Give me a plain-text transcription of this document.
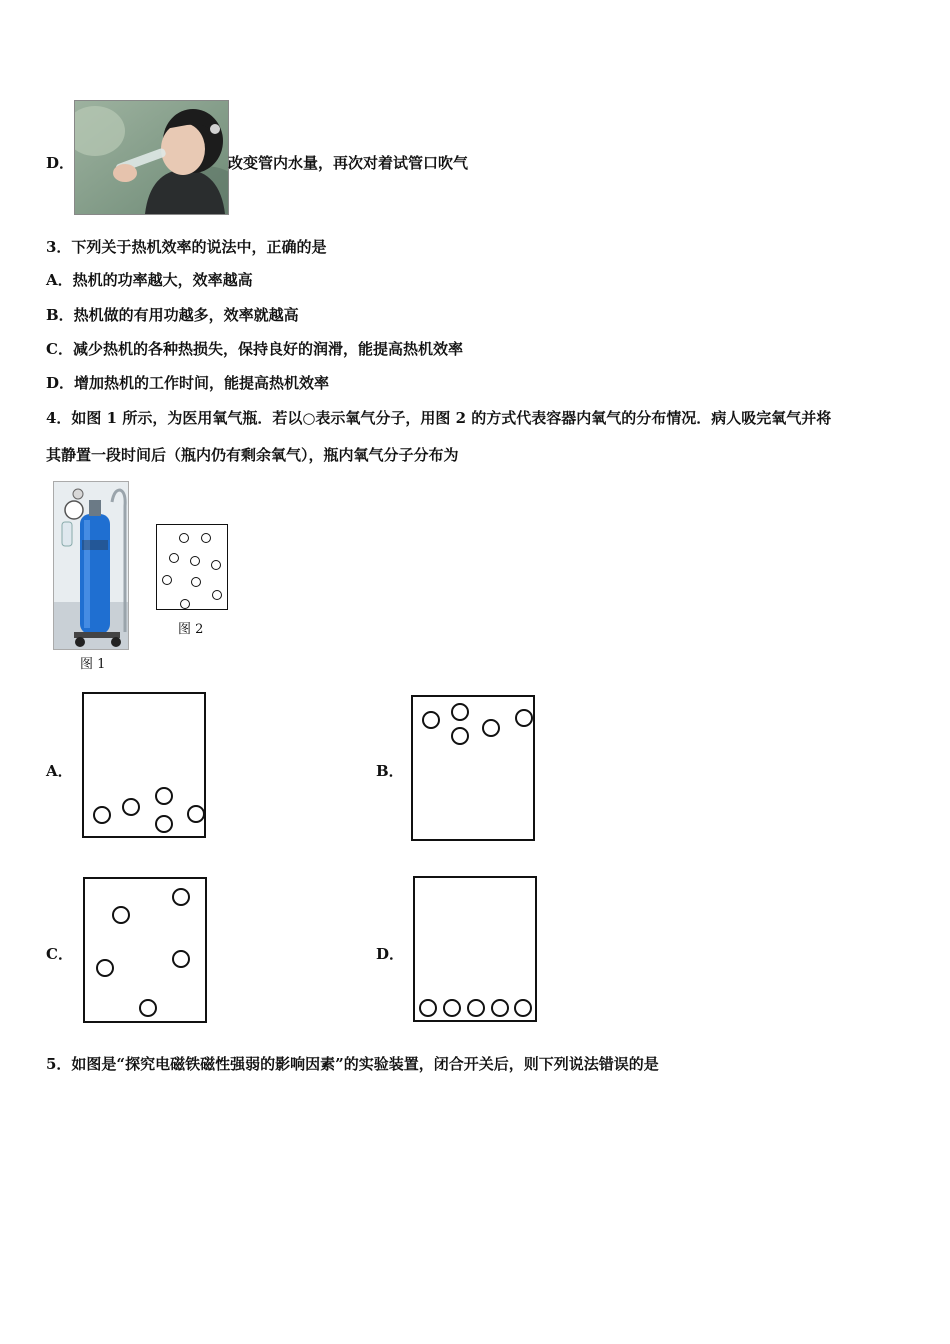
D．	改变管内水量，再次对着试管口吹气
3．下列关于热机效率的说法中，正确的是
A．热机的功率越大，效率越高
B．热机做的有用功越多，效率就越高
C．减少热机的各种热损失，保持良好的润滑，能提高热机效率
D．增加热机的工作时间，能提高热机效率
4．如图 1 所示，为医用氧气瓶．若以○表示氧气分子，用图 2 的方式代表容器内氧气的分布情况．病人吸完氧气并将
其静置一段时间后（瓶内仍有剩余氧气），瓶内氧气分子分布为
图 1
图 2
A．	B．
C．	D．
5．如图是“探究电磁铁磁性强弱的影响因素”的实验装置，闭合开关后，则下列说法错误的是
